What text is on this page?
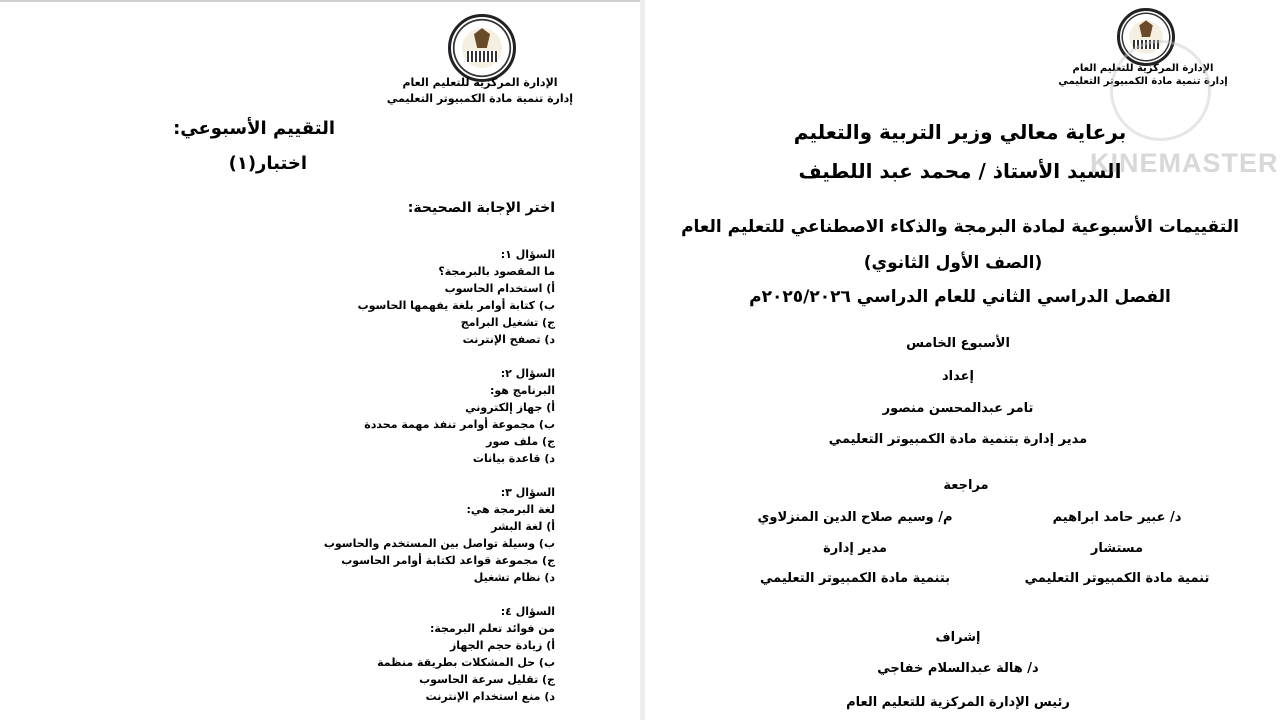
الإدارة المركزية للتعليم العام
إدارة تنمية مادة الكمبيوتر التعليمي
التقييم الأسبوعي:
اختبار(١)
اختر الإجابة الصحيحة:
السؤال ١:
ما المقصود بالبرمجة؟
أ) استخدام الحاسوب
ب) كتابة أوامر بلغة يفهمها الحاسوب
ج) تشغيل البرامج
د) تصفح الإنترنت
السؤال ٢:
البرنامج هو:
أ) جهاز إلكتروني
ب) مجموعة أوامر تنفذ مهمة محددة
ج) ملف صور
د) قاعدة بيانات
السؤال ٣:
لغة البرمجة هي:
أ) لغة البشر
ب) وسيلة تواصل بين المستخدم والحاسوب
ج) مجموعة قواعد لكتابة أوامر الحاسوب
د) نظام تشغيل
السؤال ٤:
من فوائد تعلم البرمجة:
أ) زيادة حجم الجهاز
ب) حل المشكلات بطريقة منظمة
ج) تقليل سرعة الحاسوب
د) منع استخدام الإنترنت
الإدارة المركزية للتعليم العام
إدارة تنمية مادة الكمبيوتر التعليمي
برعاية معالي وزير التربية والتعليم
السيد الأستاذ / محمد عبد اللطيف
KINEMASTER
التقييمات الأسبوعية لمادة البرمجة والذكاء الاصطناعي للتعليم العام
(الصف الأول الثانوي)
الفصل الدراسي الثاني للعام الدراسي ٢٠٢٥/٢٠٢٦م
الأسبوع الخامس
إعداد
تامر عبدالمحسن منصور
مدير إدارة بتنمية مادة الكمبيوتر التعليمي
مراجعة
د/ عبير حامد ابراهيم
مستشار
تنمية مادة الكمبيوتر التعليمي
م/ وسيم صلاح الدين المنزلاوي
مدير إدارة
بتنمية مادة الكمبيوتر التعليمي
إشراف
د/ هالة عبدالسلام خفاجي
رئيس الإدارة المركزية للتعليم العام
